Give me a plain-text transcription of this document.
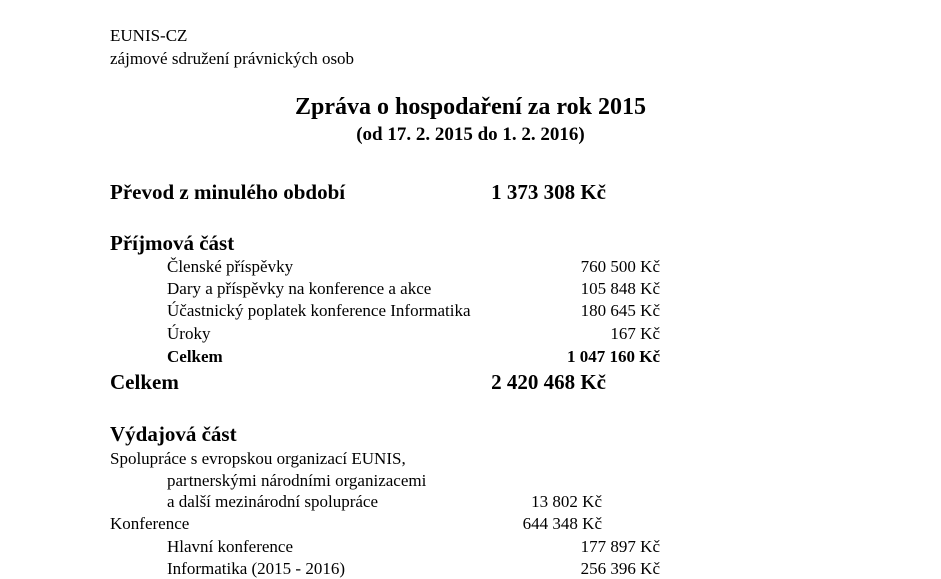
EUNIS-CZ
zájmové sdružení právnických osob
Zpráva o hospodaření za rok 2015
(od 17. 2. 2015 do 1. 2. 2016)
Převod z minulého období	1 373 308 Kč
Příjmová část
Členské příspěvky	760 500 Kč
Dary a příspěvky na konference a akce	105 848 Kč
Účastnický poplatek konference Informatika	180 645 Kč
Úroky	167 Kč
Celkem	1 047 160 Kč
Celkem	2 420 468 Kč
Výdajová část
Spolupráce s evropskou organizací EUNIS,
partnerskými národními organizacemi
a další mezinárodní spolupráce	13 802 Kč
Konference	644 348 Kč
Hlavní konference	177 897 Kč
Informatika (2015 - 2016)	256 396 Kč
